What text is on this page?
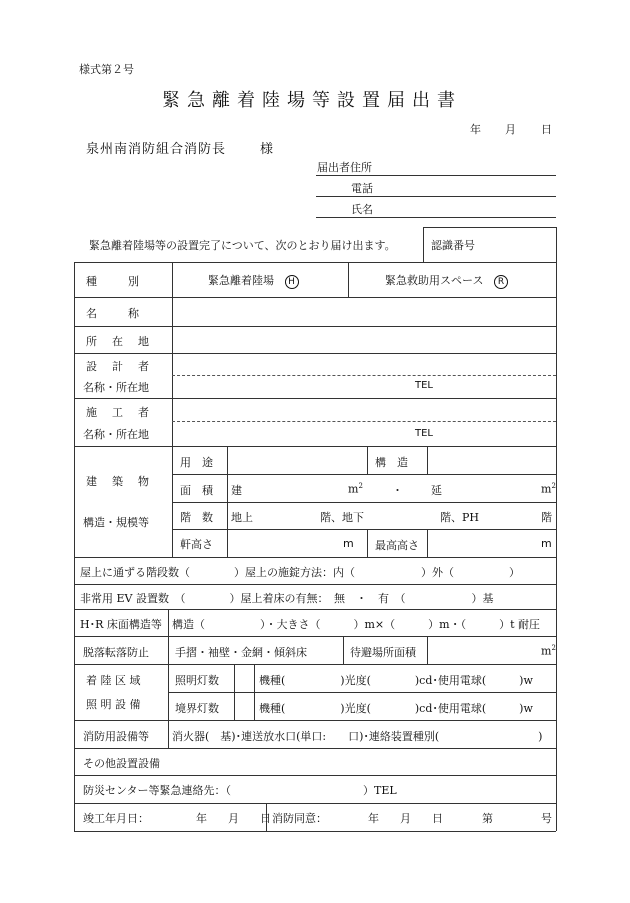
様式第２号
緊急離着陸場等設置届出書
年 月 日
泉州南消防組合消防長	様
届出者住所
電話
氏名
緊急離着陸場等の設置完了について、次のとおり届け出ます。	認識番号
種　　別	緊急離着陸場 H	緊急救助用スペース R
名　　称
所　在　地
設　計　者
名称・所在地	TEL
施　工　者
名称・所在地	TEL
建　築　物
構造・規模等
用　途	構　造
面　積 建	$m^2$	・	延	$m^2$
階　数 地上	階、地下	階、PH	階
軒高さ	m 最高高さ	m
屋上に通ずる階段数（　　　　）屋上の施錠方法：内（　　　　　　）外（　　　　　）
非常用 EV 設置数　（　　　　）屋上着床の有無：　無　・　有　（　　　　　　）基
H･R 床面構造等 構造（　　　　　）・大きさ（　　　）m×（　　　）m・（　　　）t 耐圧
脱落転落防止 手摺・袖壁・金網・傾斜床	待避場所面積	$m^2$
着 陸 区 域
照 明 設 備
照明灯数	機種(　　　　　)光度(　　　　)cd･使用電球(　　　)w
境界灯数	機種(　　　　　)光度(　　　　)cd･使用電球(　　　)w
消防用設備等 消火器(　基)･連送放水口(単口:　　口)･連絡装置種別(　　　　　　　　　)
その他設置設備
防災センター等緊急連絡先：（　　　　　　　　　　　　）TEL
竣工年月日：	年　月　日
消防同意：	年　月　日	第	号
